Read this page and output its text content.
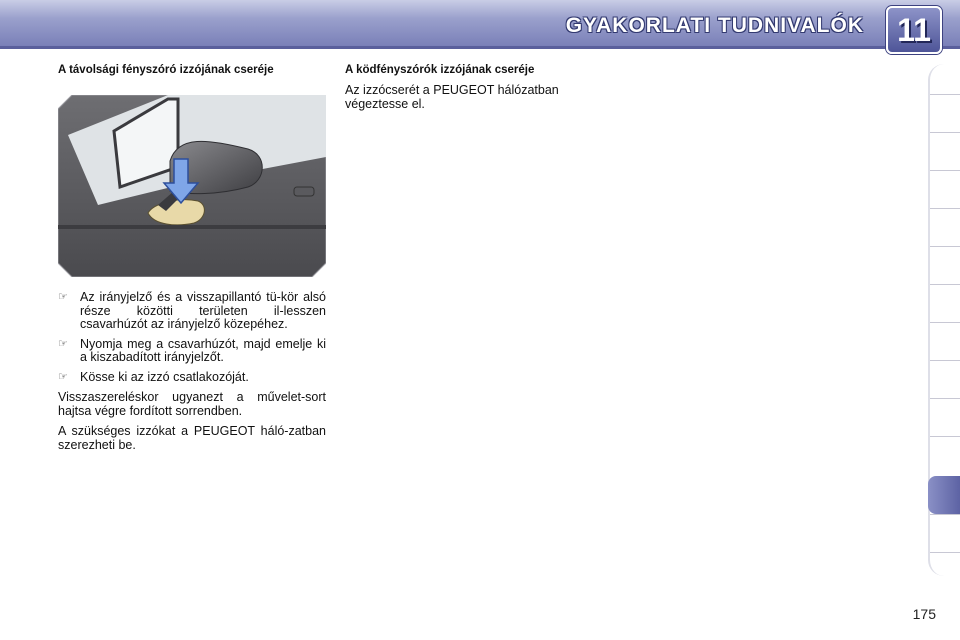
GYAKORLATI TUDNIVALÓK	11
A távolsági fényszóró izzójának cseréje
☞ Az irányjelző és a visszapillantó tü-kör alsó része közötti területen il-lesszen csavarhúzót az irányjelző közepéhez.
☞ Nyomja meg a csavarhúzót, majd emelje ki a kiszabadított irányjelzőt.
☞ Kösse ki az izzó csatlakozóját.

Visszaszereléskor ugyanezt a művelet-sort hajtsa végre fordított sorrendben.

A szükséges izzókat a PEUGEOT háló-zatban szerezheti be.

A ködfényszórók izzójának cseréje

Az izzócserét a PEUGEOT hálózatban végeztesse el.

175
